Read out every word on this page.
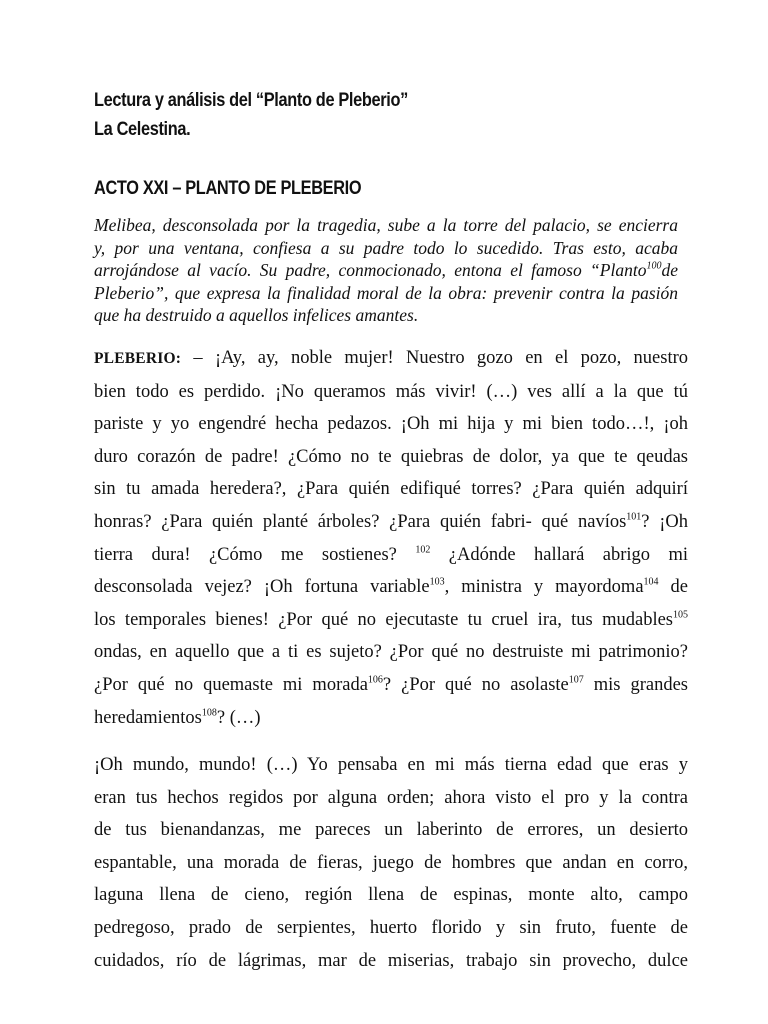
Lectura y análisis del “Planto de Pleberio”
La Celestina.
ACTO XXI – PLANTO DE PLEBERIO
Melibea, desconsolada por la tragedia, sube a la torre del palacio, se encierra
y, por una ventana, confiesa a su padre todo lo sucedido. Tras esto, acaba
arrojándose al vacío. Su padre, conmocionado, entona el famoso “Planto$^{100}$de
Pleberio”, que expresa la finalidad moral de la obra: prevenir contra la pasión
que ha destruido a aquellos infelices amantes.
PLEBERIO: – ¡Ay, ay, noble mujer! Nuestro gozo en el pozo, nuestro
bien todo es perdido. ¡No queramos más vivir! (…) ves allí a la que tú
pariste y yo engendré hecha pedazos. ¡Oh mi hija y mi bien todo…!, ¡oh
duro corazón de padre! ¿Cómo no te quiebras de dolor, ya que te qeudas
sin tu amada heredera?, ¿Para quién edifiqué torres? ¿Para quién adquirí
honras? ¿Para quién planté árboles? ¿Para quién fabri- qué navíos$^{101}$? ¡Oh
tierra dura! ¿Cómo me sostienes? $^{102}$ ¿Adónde hallará abrigo mi
desconsolada vejez? ¡Oh fortuna variable$^{103}$, ministra y mayordoma$^{104}$ de
los temporales bienes! ¿Por qué no ejecutaste tu cruel ira, tus mudables$^{105}$
ondas, en aquello que a ti es sujeto? ¿Por qué no destruiste mi patrimonio?
¿Por qué no quemaste mi morada$^{106}$? ¿Por qué no asolaste$^{107}$ mis grandes
heredamientos$^{108}$? (…)
¡Oh mundo, mundo! (…) Yo pensaba en mi más tierna edad que eras y
eran tus hechos regidos por alguna orden; ahora visto el pro y la contra
de tus bienandanzas, me pareces un laberinto de errores, un desierto
espantable, una morada de fieras, juego de hombres que andan en corro,
laguna llena de cieno, región llena de espinas, monte alto, campo
pedregoso, prado de serpientes, huerto florido y sin fruto, fuente de
cuidados, río de lágrimas, mar de miserias, trabajo sin provecho, dulce
